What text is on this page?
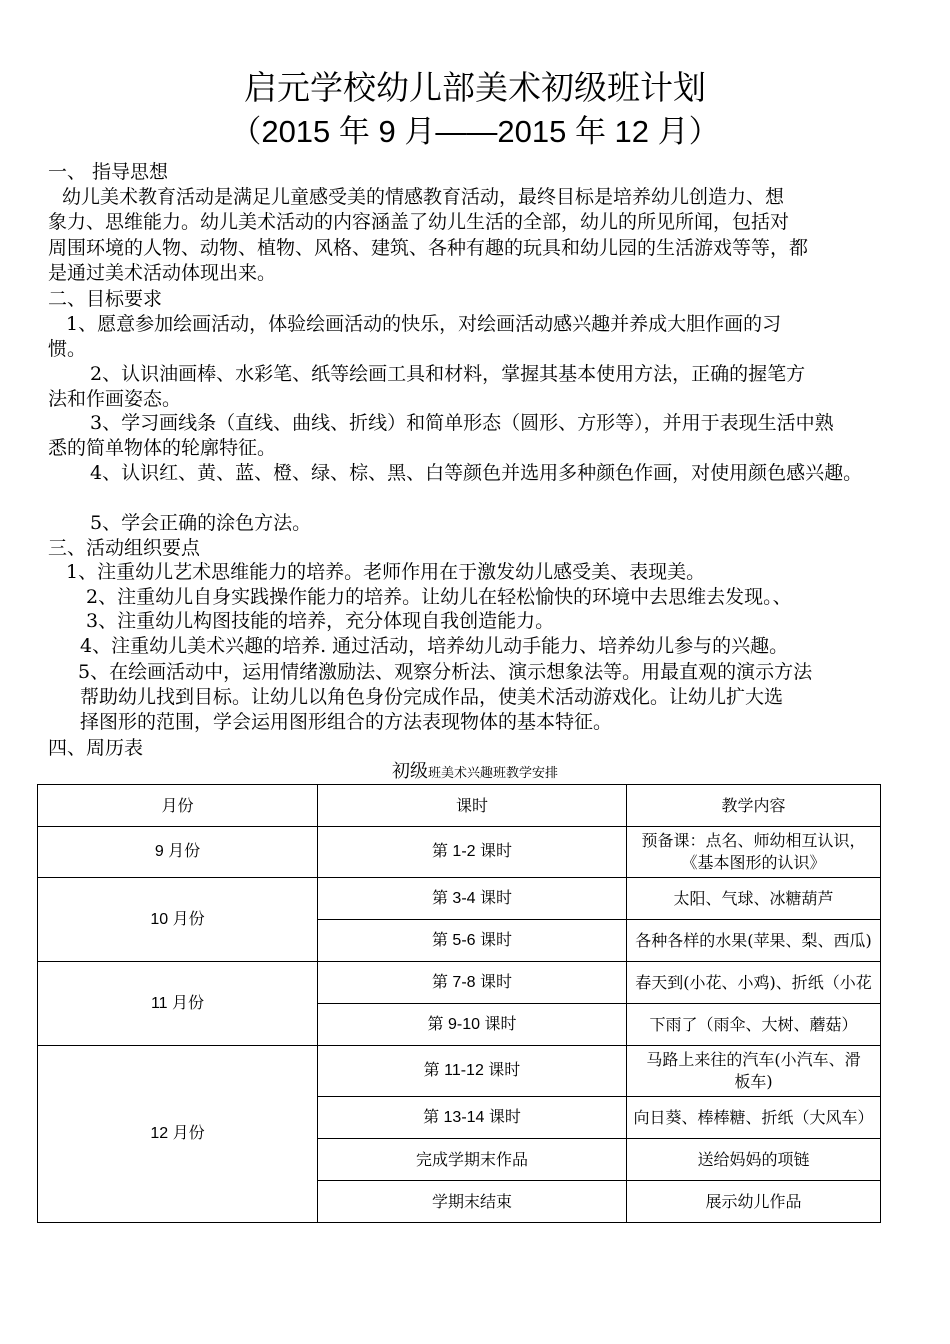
启元学校幼儿部美术初级班计划
（2015 年 9 月——2015 年 12 月）
一、 指导思想
幼儿美术教育活动是满足儿童感受美的情感教育活动，最终目标是培养幼儿创造力、想
象力、思维能力。幼儿美术活动的内容涵盖了幼儿生活的全部，幼儿的所见所闻，包括对
周围环境的人物、动物、植物、风格、建筑、各种有趣的玩具和幼儿园的生活游戏等等，都
是通过美术活动体现出来。
二、目标要求
1、愿意参加绘画活动，体验绘画活动的快乐，对绘画活动感兴趣并养成大胆作画的习
惯。
2、认识油画棒、水彩笔、纸等绘画工具和材料，掌握其基本使用方法，正确的握笔方
法和作画姿态。
3、学习画线条（直线、曲线、折线）和简单形态（圆形、方形等），并用于表现生活中熟
悉的简单物体的轮廓特征。
4、认识红、黄、蓝、橙、绿、棕、黑、白等颜色并选用多种颜色作画，对使用颜色感兴趣。
5、学会正确的涂色方法。
三、活动组织要点
1、注重幼儿艺术思维能力的培养。老师作用在于激发幼儿感受美、表现美。
2、注重幼儿自身实践操作能力的培养。让幼儿在轻松愉快的环境中去思维去发现。、
3、注重幼儿构图技能的培养，充分体现自我创造能力。
4、注重幼儿美术兴趣的培养. 通过活动，培养幼儿动手能力、培养幼儿参与的兴趣。
5、在绘画活动中，运用情绪激励法、观察分析法、演示想象法等。用最直观的演示方法
帮助幼儿找到目标。让幼儿以角色身份完成作品，使美术活动游戏化。让幼儿扩大选
择图形的范围，学会运用图形组合的方法表现物体的基本特征。
四、周历表
初级班美术兴趣班教学安排
月份	课时	教学内容
9 月份	第 1-2 课时	预备课：点名、师幼相互认识，
《基本图形的认识》
10 月份	第 3-4 课时	太阳、气球、冰糖葫芦
	第 5-6 课时	各种各样的水果(苹果、梨、西瓜)
11 月份	第 7-8 课时	春天到(小花、小鸡)、折纸（小花
	第 9-10 课时	下雨了（雨伞、大树、蘑菇）
12 月份	第 11-12 课时	马路上来往的汽车(小汽车、滑
板车)
	第 13-14 课时	向日葵、棒棒糖、折纸（大风车）
	完成学期末作品	送给妈妈的项链
	学期末结束	展示幼儿作品
